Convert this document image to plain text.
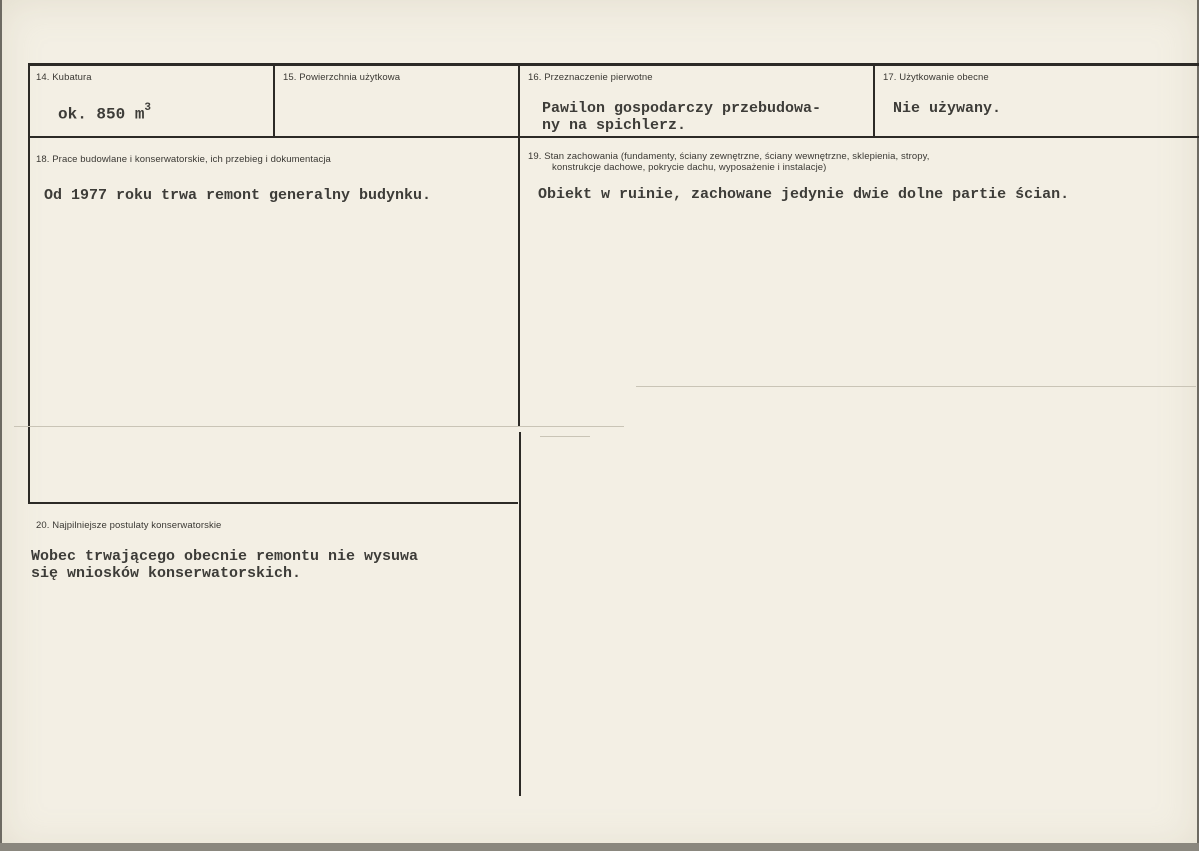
14. Kubatura
ok. 850 $m^3$
15. Powierzchnia użytkowa	16. Przeznaczenie pierwotne
Pawilon gospodarczy przebudowa-
ny na spichlerz.
17. Użytkowanie obecne
Nie używany.
18. Prace budowlane i konserwatorskie, ich przebieg i dokumentacja
Od 1977 roku trwa remont generalny budynku.
19. Stan zachowania (fundamenty, ściany zewnętrzne, ściany wewnętrzne, sklepienia, stropy,
konstrukcje dachowe, pokrycie dachu, wyposażenie i instalacje)
Obiekt w ruinie, zachowane jedynie dwie dolne partie ścian.
20. Najpilniejsze postulaty konserwatorskie
Wobec trwającego obecnie remontu nie wysuwa
się wniosków konserwatorskich.
